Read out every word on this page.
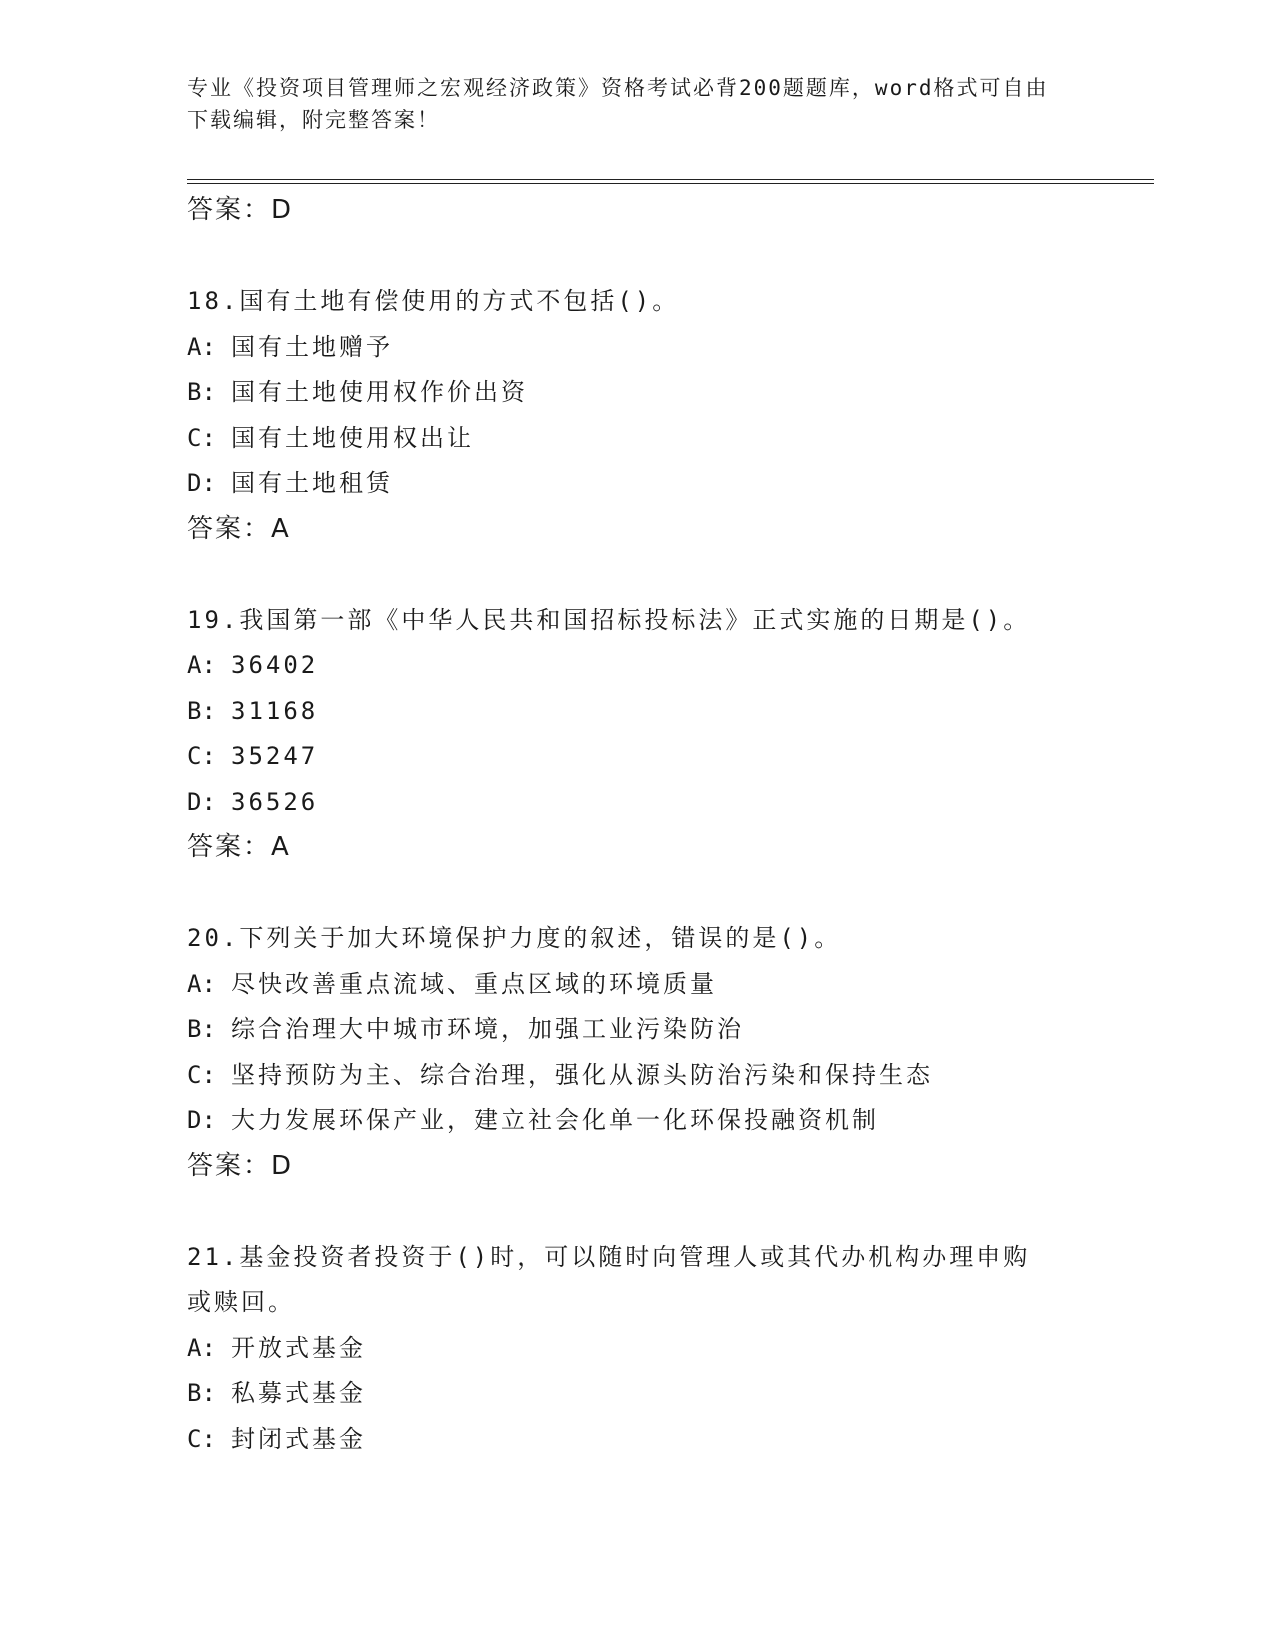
专业《投资项目管理师之宏观经济政策》资格考试必背200题题库，word格式可自由下载编辑，附完整答案！
答案：D
18.国有土地有偿使用的方式不包括()。
A: 国有土地赠予
B: 国有土地使用权作价出资
C: 国有土地使用权出让
D: 国有土地租赁
答案：A
19.我国第一部《中华人民共和国招标投标法》正式实施的日期是()。
A: 36402
B: 31168
C: 35247
D: 36526
答案：A
20.下列关于加大环境保护力度的叙述，错误的是()。
A: 尽快改善重点流域、重点区域的环境质量
B: 综合治理大中城市环境，加强工业污染防治
C: 坚持预防为主、综合治理，强化从源头防治污染和保持生态
D: 大力发展环保产业，建立社会化单一化环保投融资机制
答案：D
21.基金投资者投资于()时，可以随时向管理人或其代办机构办理申购
或赎回。
A: 开放式基金
B: 私募式基金
C: 封闭式基金
